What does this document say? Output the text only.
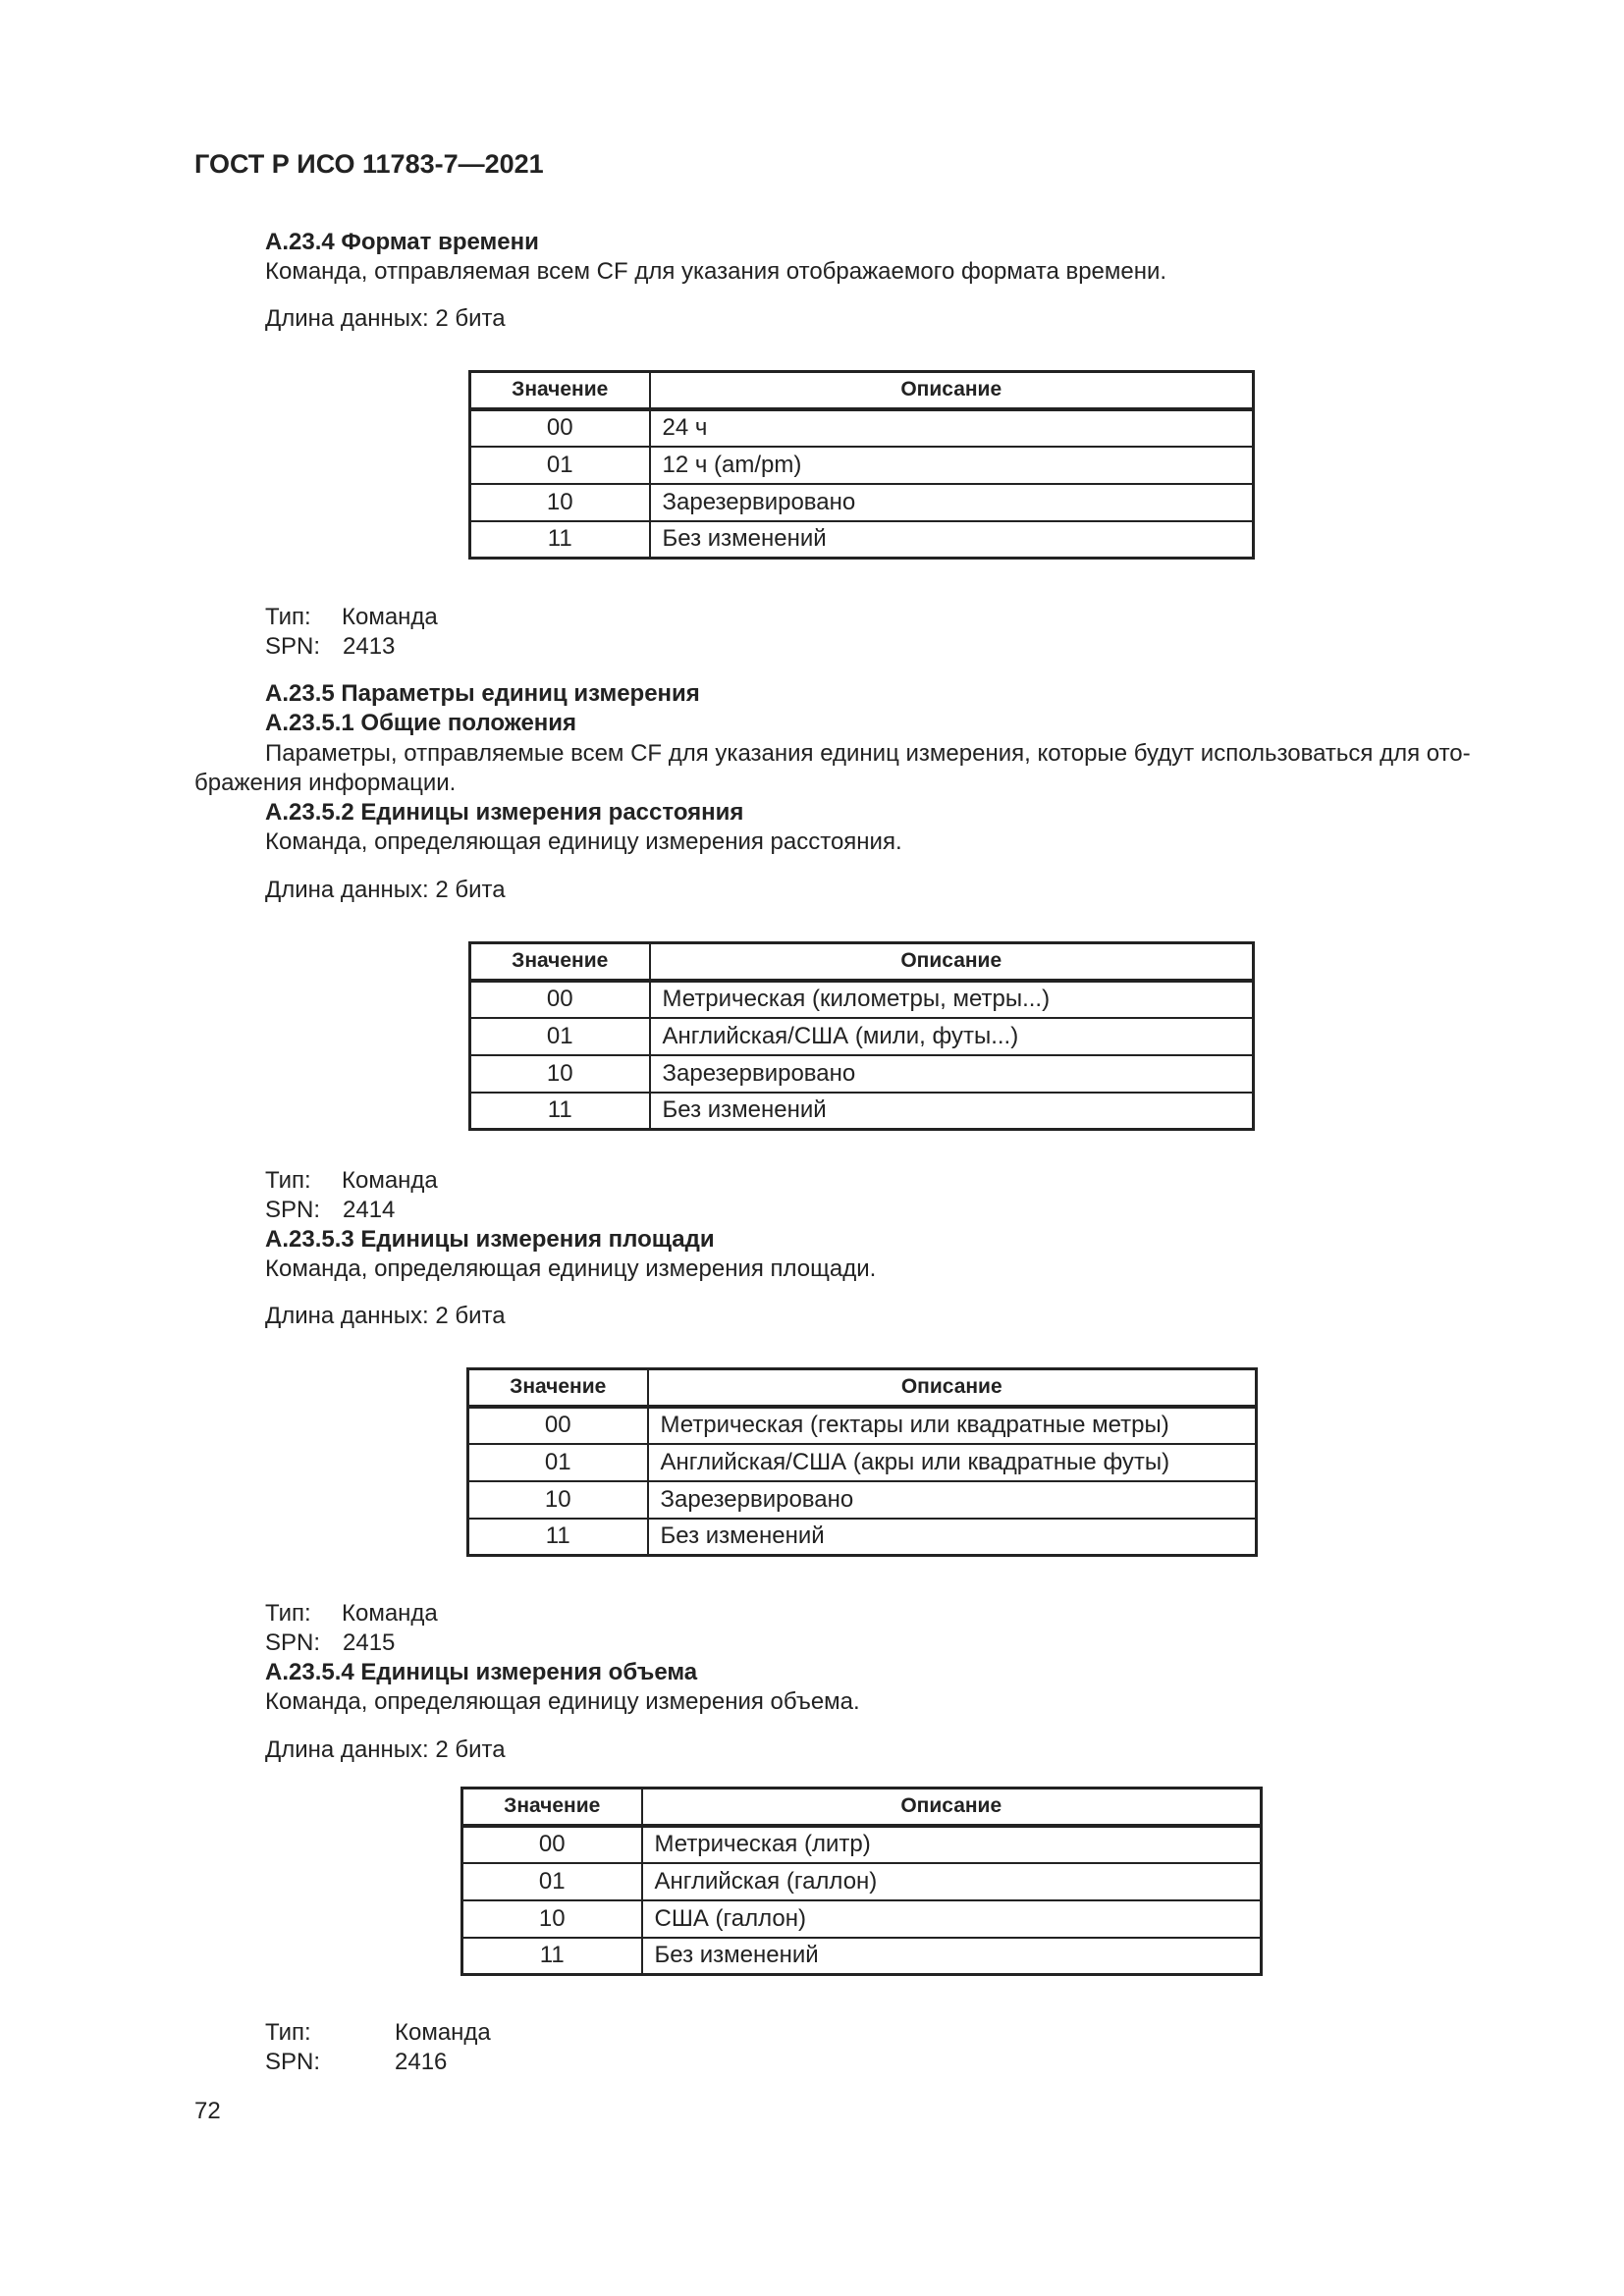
ГОСТ Р ИСО 11783-7—2021
А.23.4 Формат времени
Команда, отправляемая всем CF для указания отображаемого формата времени.
Длина данных: 2 бита
Значение	Описание
00	24 ч
01	12 ч (am/pm)
10	Зарезервировано
11	Без изменений
Тип: Команда
SPN: 2413
А.23.5 Параметры единиц измерения
А.23.5.1 Общие положения
Параметры, отправляемые всем CF для указания единиц измерения, которые будут использоваться для ото-
бражения информации.
А.23.5.2 Единицы измерения расстояния
Команда, определяющая единицу измерения расстояния.
Длина данных: 2 бита
Значение	Описание
00	Метрическая (километры, метры...)
01	Английская/США (мили, футы...)
10	Зарезервировано
11	Без изменений
Тип: Команда
SPN: 2414
А.23.5.3 Единицы измерения площади
Команда, определяющая единицу измерения площади.
Длина данных: 2 бита
Значение	Описание
00	Метрическая (гектары или квадратные метры)
01	Английская/США (акры или квадратные футы)
10	Зарезервировано
11	Без изменений
Тип: Команда
SPN: 2415
А.23.5.4 Единицы измерения объема
Команда, определяющая единицу измерения объема.
Длина данных: 2 бита
Значение	Описание
00	Метрическая (литр)
01	Английская (галлон)
10	США (галлон)
11	Без изменений
Тип:	Команда
SPN:	2416
72
